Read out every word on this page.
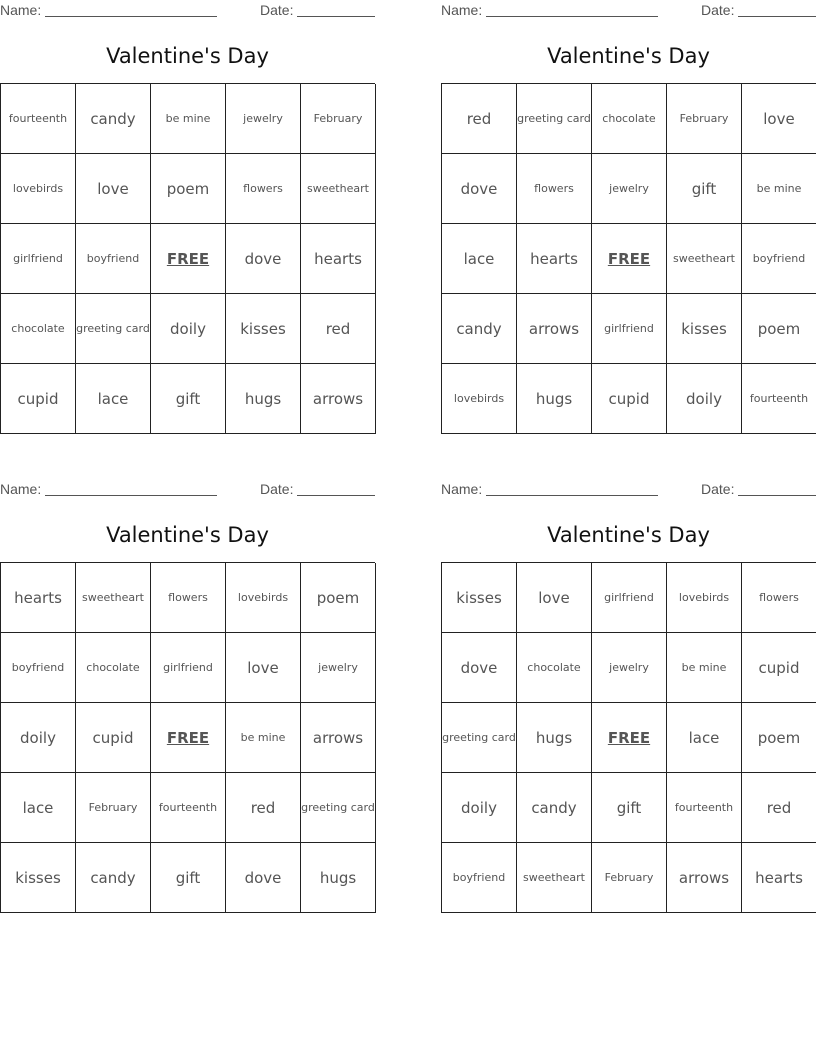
Name:	Date:
Valentine's Day
fourteenth	candy	be mine	jewelry	February
lovebirds	love	poem	flowers	sweetheart
girlfriend	boyfriend	FREE	dove	hearts
chocolate	greeting card	doily	kisses	red
cupid	lace	gift	hugs	arrows
Name:	Date:
Valentine's Day
red	greeting card	chocolate	February	love
dove	flowers	jewelry	gift	be mine
lace	hearts	FREE	sweetheart	boyfriend
candy	arrows	girlfriend	kisses	poem
lovebirds	hugs	cupid	doily	fourteenth
Name:	Date:
Valentine's Day
hearts	sweetheart	flowers	lovebirds	poem
boyfriend	chocolate	girlfriend	love	jewelry
doily	cupid	FREE	be mine	arrows
lace	February	fourteenth	red	greeting card
kisses	candy	gift	dove	hugs
Name:	Date:
Valentine's Day
kisses	love	girlfriend	lovebirds	flowers
dove	chocolate	jewelry	be mine	cupid
greeting card	hugs	FREE	lace	poem
doily	candy	gift	fourteenth	red
boyfriend	sweetheart	February	arrows	hearts
